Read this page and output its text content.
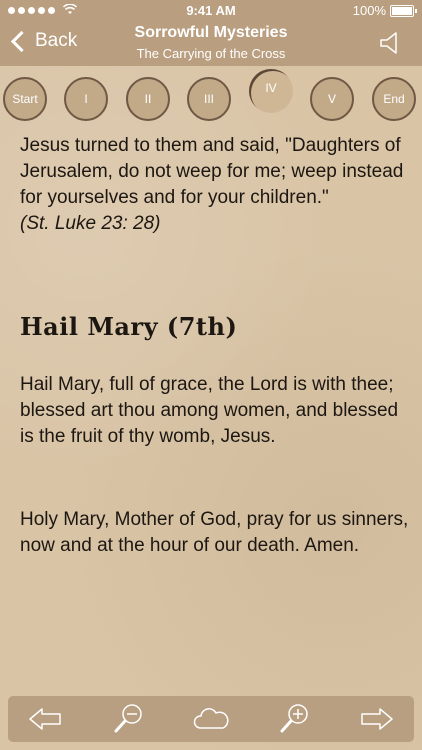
9:41 AM	100%
Back	Sorrowful Mysteries
The Carrying of the Cross
Start	I	II	III
IV
V	End

Jesus turned to them and said, "Daughters of Jerusalem, do not weep for me; weep instead for yourselves and for your children."

(St. Luke 23: 28)

Hail Mary (7th)

Hail Mary, full of grace, the Lord is with thee; blessed art thou among women, and blessed is the fruit of thy womb, Jesus.

Holy Mary, Mother of God, pray for us sinners, now and at the hour of our death. Amen.
